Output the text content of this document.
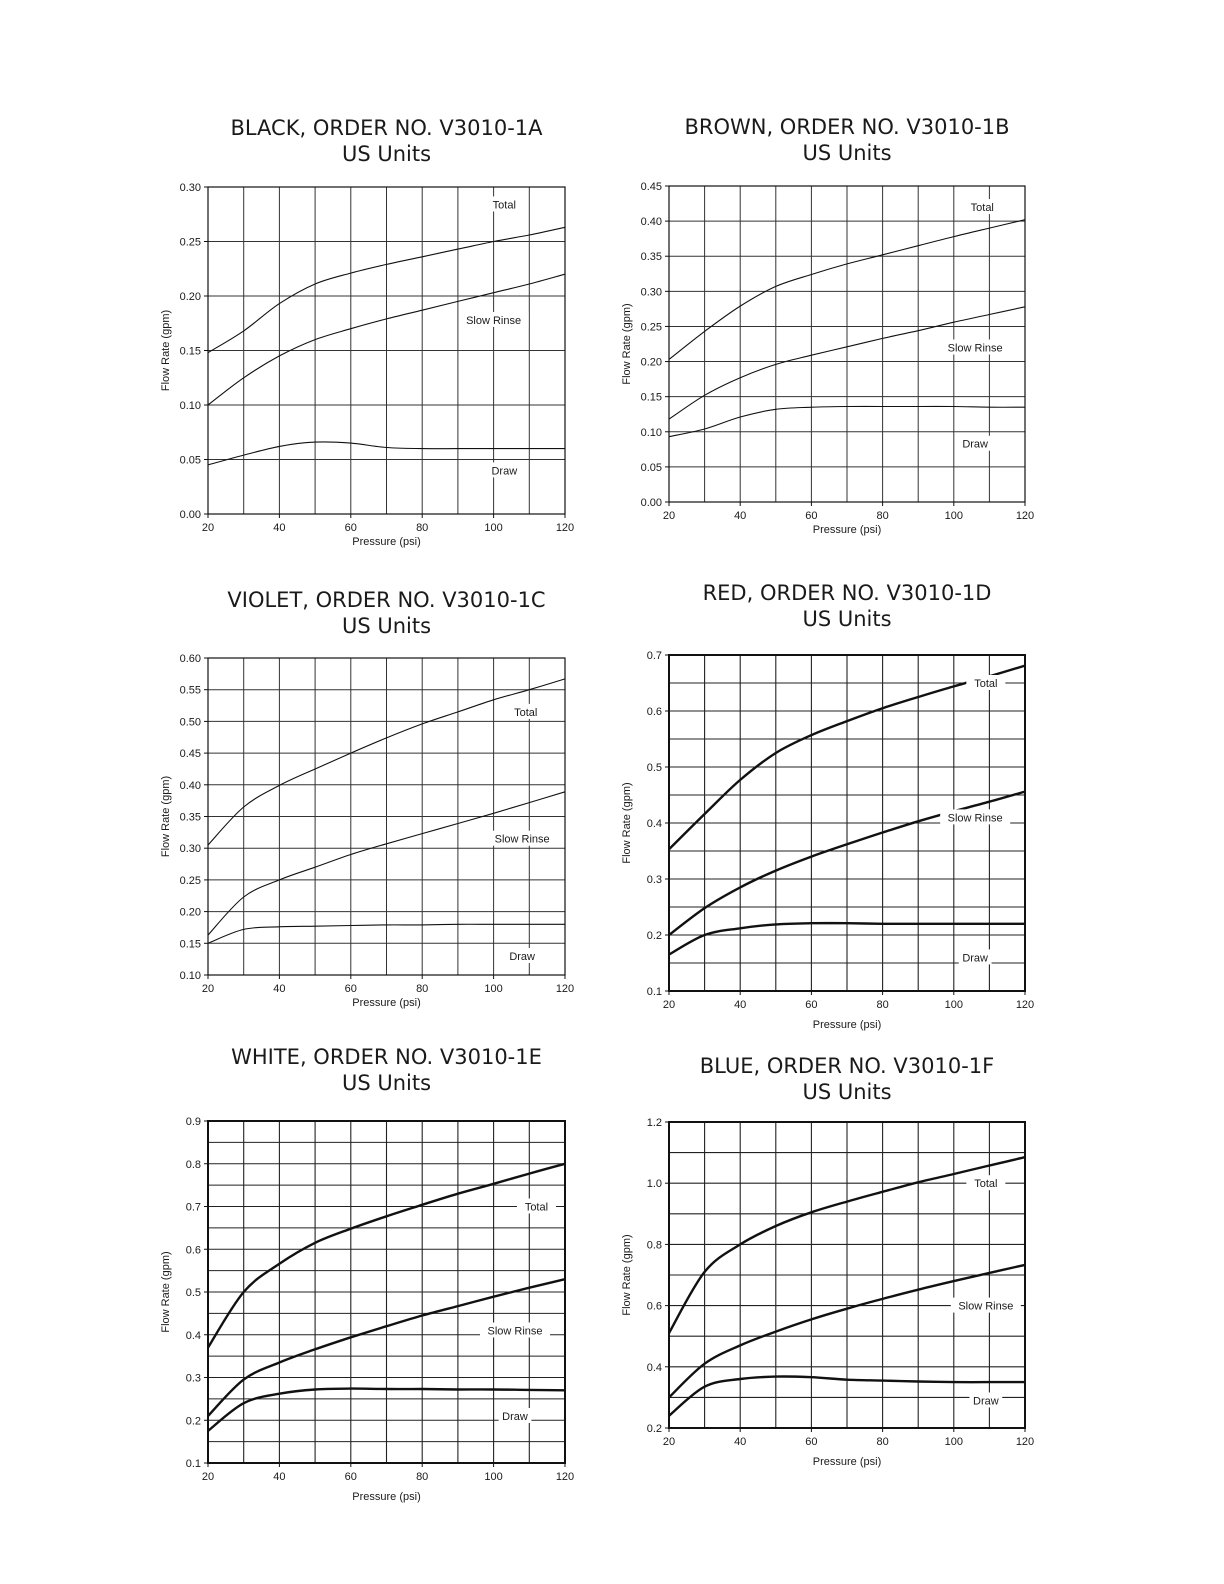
BLACK, ORDER NO. V3010-1A
US Units
0.00
0.05
0.10
0.15
0.20
0.25
0.30
20	40	60	80	100	120
Pressure (psi)
Flow Rate (gpm)
Total
Slow Rinse
Draw
BROWN, ORDER NO. V3010-1B
US Units
0.00
0.05
0.10
0.15
0.20
0.25
0.30
0.35
0.40
0.45
20	40	60	80	100	120
Pressure (psi)
Flow Rate (gpm)
Total
Slow Rinse
Draw
VIOLET, ORDER NO. V3010-1C
US Units
0.10
0.15
0.20
0.25
0.30
0.35
0.40
0.45
0.50
0.55
0.60
20	40	60	80	100	120
Pressure (psi)
Flow Rate (gpm)
Total
Slow Rinse
Draw
RED, ORDER NO. V3010-1D
US Units
0.1
0.2
0.3
0.4
0.5
0.6
0.7
20	40	60	80	100	120
Pressure (psi)
Flow Rate (gpm)
Total
Slow Rinse
Draw
WHITE, ORDER NO. V3010-1E
US Units
0.1
0.2
0.3
0.4
0.5
0.6
0.7
0.8
0.9
20	40	60	80	100	120
Pressure (psi)
Flow Rate (gpm)
Total
Slow Rinse
Draw
BLUE, ORDER NO. V3010-1F
US Units
0.2
0.4
0.6
0.8
1.0
1.2
20	40	60	80	100	120
Pressure (psi)
Flow Rate (gpm)
Total
Slow Rinse
Draw
